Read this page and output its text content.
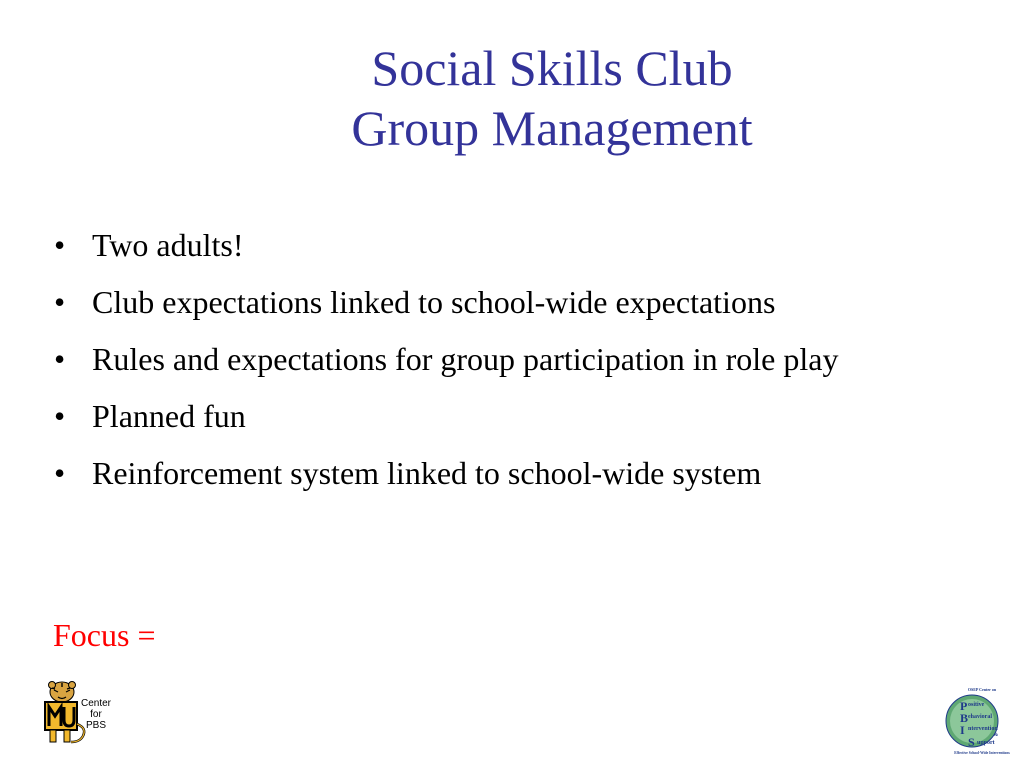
Social Skills Club
Group Management
• Two adults!
• Club expectations linked to school-wide expectations
• Rules and expectations for group participation in role play
• Planned fun
• Reinforcement system linked to school-wide system
Focus =
Center
for
PBS
OSEP Center on
P
B
I
S
ositive
ehavioral
ntervention
&
upport
Effective School-Wide Interventions
